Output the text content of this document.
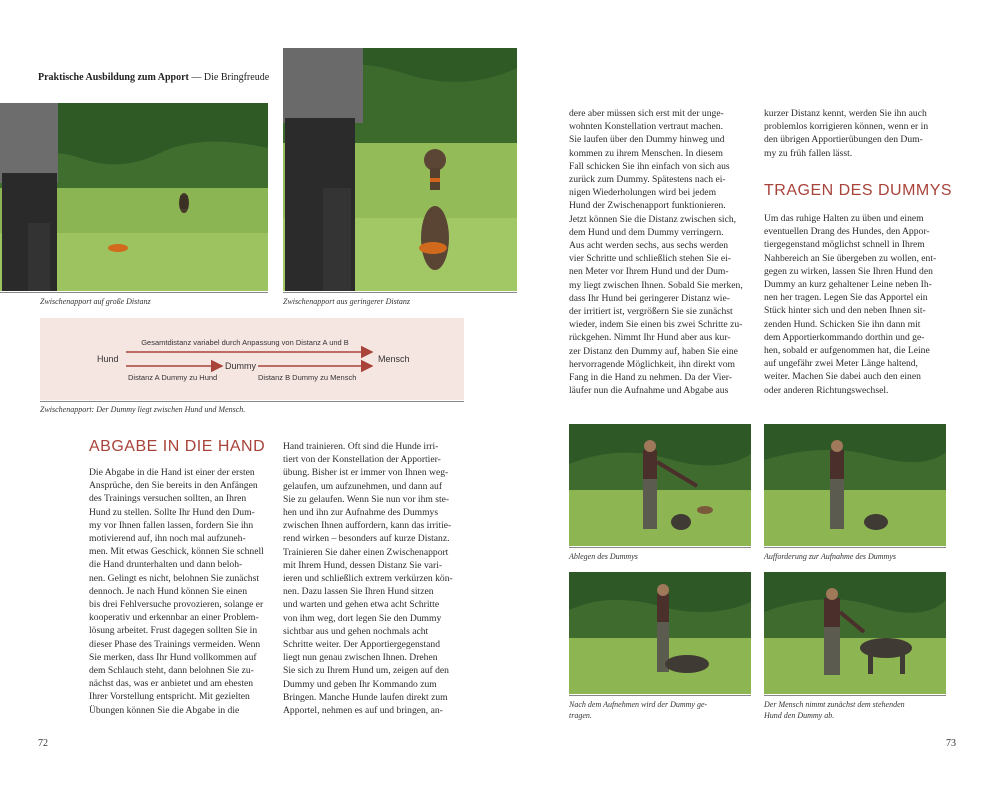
Praktische Ausbildung zum Apport — Die Bringfreude
Zwischenapport auf große Distanz	Zwischenapport aus geringerer Distanz
Gesamtdistanz variabel durch Anpassung von Distanz A und B
Hund
Dummy
Mensch
Distanz A Dummy zu Hund	Distanz B Dummy zu Mensch
Zwischenapport: Der Dummy liegt zwischen Hund und Mensch.
ABGABE IN DIE HAND
Die Abgabe in die Hand ist einer der ersten
Ansprüche, den Sie bereits in den Anfängen
des Trainings versuchen sollten, an Ihren
Hund zu stellen. Sollte Ihr Hund den Dum-
my vor Ihnen fallen lassen, fordern Sie ihn
motivierend auf, ihn noch mal aufzuneh-
men. Mit etwas Geschick, können Sie schnell
die Hand drunterhalten und dann beloh-
nen. Gelingt es nicht, belohnen Sie zunächst
dennoch. Je nach Hund können Sie einen
bis drei Fehlversuche provozieren, solange er
kooperativ und erkennbar an einer Problem-
lösung arbeitet. Frust dagegen sollten Sie in
dieser Phase des Trainings vermeiden. Wenn
Sie merken, dass Ihr Hund vollkommen auf
dem Schlauch steht, dann belohnen Sie zu-
nächst das, was er anbietet und am ehesten
Ihrer Vorstellung entspricht. Mit gezielten
Übungen können Sie die Abgabe in die
Hand trainieren. Oft sind die Hunde irri-
tiert von der Konstellation der Apportier-
übung. Bisher ist er immer von Ihnen weg-
gelaufen, um aufzunehmen, und dann auf
Sie zu gelaufen. Wenn Sie nun vor ihm ste-
hen und ihn zur Aufnahme des Dummys
zwischen Ihnen auffordern, kann das irritie-
rend wirken – besonders auf kurze Distanz.
Trainieren Sie daher einen Zwischenapport
mit Ihrem Hund, dessen Distanz Sie vari-
ieren und schließlich extrem verkürzen kön-
nen. Dazu lassen Sie Ihren Hund sitzen
und warten und gehen etwa acht Schritte
von ihm weg, dort legen Sie den Dummy
sichtbar aus und gehen nochmals acht
Schritte weiter. Der Apportiergegenstand
liegt nun genau zwischen Ihnen. Drehen
Sie sich zu Ihrem Hund um, zeigen auf den
Dummy und geben Ihr Kommando zum
Bringen. Manche Hunde laufen direkt zum
Apportel, nehmen es auf und bringen, an-
dere aber müssen sich erst mit der unge-
wohnten Konstellation vertraut machen.
Sie laufen über den Dummy hinweg und
kommen zu ihrem Menschen. In diesem
Fall schicken Sie ihn einfach von sich aus
zurück zum Dummy. Spätestens nach ei-
nigen Wiederholungen wird bei jedem
Hund der Zwischenapport funktionieren.
Jetzt können Sie die Distanz zwischen sich,
dem Hund und dem Dummy verringern.
Aus acht werden sechs, aus sechs werden
vier Schritte und schließlich stehen Sie ei-
nen Meter vor Ihrem Hund und der Dum-
my liegt zwischen Ihnen. Sobald Sie merken,
dass Ihr Hund bei geringerer Distanz wie-
der irritiert ist, vergrößern Sie sie zunächst
wieder, indem Sie einen bis zwei Schritte zu-
rückgehen. Nimmt Ihr Hund aber aus kur-
zer Distanz den Dummy auf, haben Sie eine
hervorragende Möglichkeit, ihn direkt vom
Fang in die Hand zu nehmen. Da der Vier-
läufer nun die Aufnahme und Abgabe aus
kurzer Distanz kennt, werden Sie ihn auch
problemlos korrigieren können, wenn er in
den übrigen Apportierübungen den Dum-
my zu früh fallen lässt.
TRAGEN DES DUMMYS
Um das ruhige Halten zu üben und einem
eventuellen Drang des Hundes, den Appor-
tiergegenstand möglichst schnell in Ihrem
Nahbereich an Sie übergeben zu wollen, ent-
gegen zu wirken, lassen Sie Ihren Hund den
Dummy an kurz gehaltener Leine neben Ih-
nen her tragen. Legen Sie das Apportel ein
Stück hinter sich und den neben Ihnen sit-
zenden Hund. Schicken Sie ihn dann mit
dem Apportierkommando dorthin und ge-
hen, sobald er aufgenommen hat, die Leine
auf ungefähr zwei Meter Länge haltend,
weiter. Machen Sie dabei auch den einen
oder anderen Richtungswechsel.
Ablegen des Dummys	Aufforderung zur Aufnahme des Dummys
Nach dem Aufnehmen wird der Dummy ge-
tragen.
Der Mensch nimmt zunächst dem stehenden
Hund den Dummy ab.
72	73
